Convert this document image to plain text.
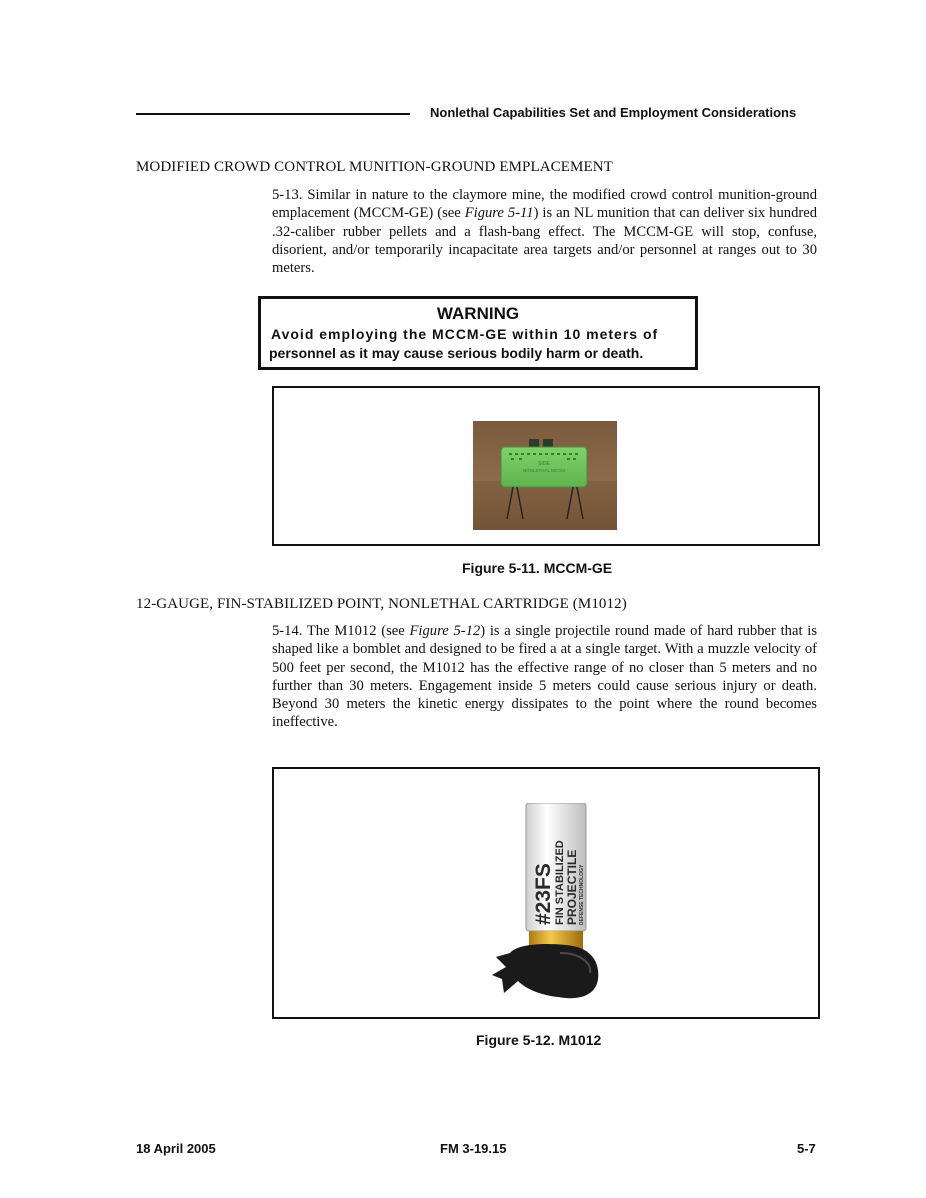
Nonlethal Capabilities Set and Employment Considerations
MODIFIED CROWD CONTROL MUNITION-GROUND EMPLACEMENT

5-13. Similar in nature to the claymore mine, the modified crowd control munition-ground emplacement (MCCM-GE) (see Figure 5-11) is an NL munition that can deliver six hundred .32-caliber rubber pellets and a flash-bang effect. The MCCM-GE will stop, confuse, disorient, and/or temporarily incapacitate area targets and/or personnel at ranges out to 30 meters.

WARNING
Avoid employing the MCCM-GE within 10 meters of
personnel as it may cause serious bodily harm or death.
SIDE
NONLETHAL MCCM
Figure 5-11. MCCM-GE
12-GAUGE, FIN-STABILIZED POINT, NONLETHAL CARTRIDGE (M1012)

5-14. The M1012 (see Figure 5-12) is a single projectile round made of hard rubber that is shaped like a bomblet and designed to be fired a at a single target. With a muzzle velocity of 500 feet per second, the M1012 has the effective range of no closer than 5 meters and no further than 30 meters. Engagement inside 5 meters could cause serious injury or death. Beyond 30 meters the kinetic energy dissipates to the point where the round becomes ineffective.

#23FS FIN STABILIZED PROJECTILE DEFENSE TECHNOLOGY
Figure 5-12. M1012
18 April 2005	FM 3-19.15	5-7
